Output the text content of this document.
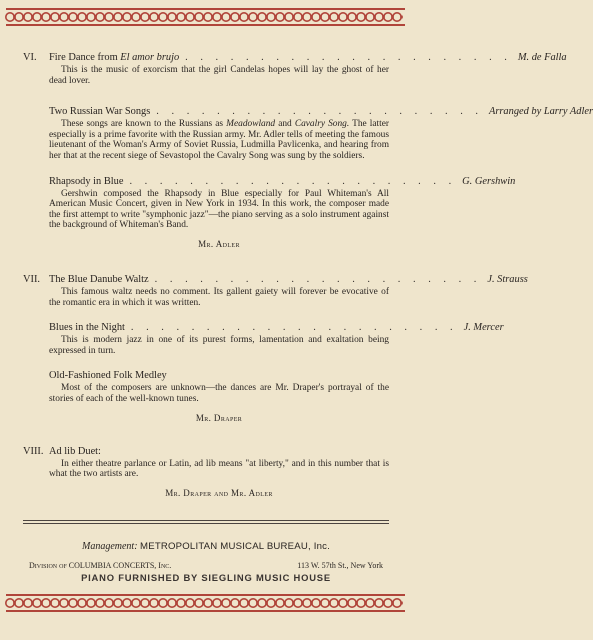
VI.	Fire Dance from El amor brujo . . . . . . . . . . . . . . . . . . . . . . M. de Falla
This is the music of exorcism that the girl Candelas hopes will lay the ghost of her dead lover.
Two Russian War Songs . . . . . . . . . . . . . . . . . . . . . . Arranged by Larry Adler
These songs are known to the Russians as Meadowland and Cavalry Song. The latter especially is a prime favorite with the Russian army. Mr. Adler tells of meeting the famous lieutenant of the Woman's Army of Soviet Russia, Ludmilla Pavlicenka, and hearing from her that at the recent siege of Sevastopol the Cavalry Song was sung by the soldiers.
Rhapsody in Blue . . . . . . . . . . . . . . . . . . . . . . G. Gershwin
Gershwin composed the Rhapsody in Blue especially for Paul Whiteman's All American Music Concert, given in New York in 1934. In this work, the composer made the first attempt to write "symphonic jazz"—the piano serving as a solo instrument against the background of Whiteman's Band.
Mr. Adler
VII. The Blue Danube Waltz . . . . . . . . . . . . . . . . . . . . . . J. Strauss
This famous waltz needs no comment. Its gallent gaiety will forever be evocative of the romantic era in which it was written.
Blues in the Night . . . . . . . . . . . . . . . . . . . . . . J. Mercer
This is modern jazz in one of its purest forms, lamentation and exaltation being expressed in turn.
Old-Fashioned Folk Medley
Most of the composers are unknown—the dances are Mr. Draper's portrayal of the stories of each of the well-known tunes.
Mr. Draper
VIII. Ad lib Duet:
In either theatre parlance or Latin, ad lib means "at liberty," and in this number that is what the two artists are.
Mr. Draper and Mr. Adler
Management: METROPOLITAN MUSICAL BUREAU, Inc.
Division of COLUMBIA CONCERTS, Inc.	113 W. 57th St., New York
PIANO FURNISHED BY SIEGLING MUSIC HOUSE
